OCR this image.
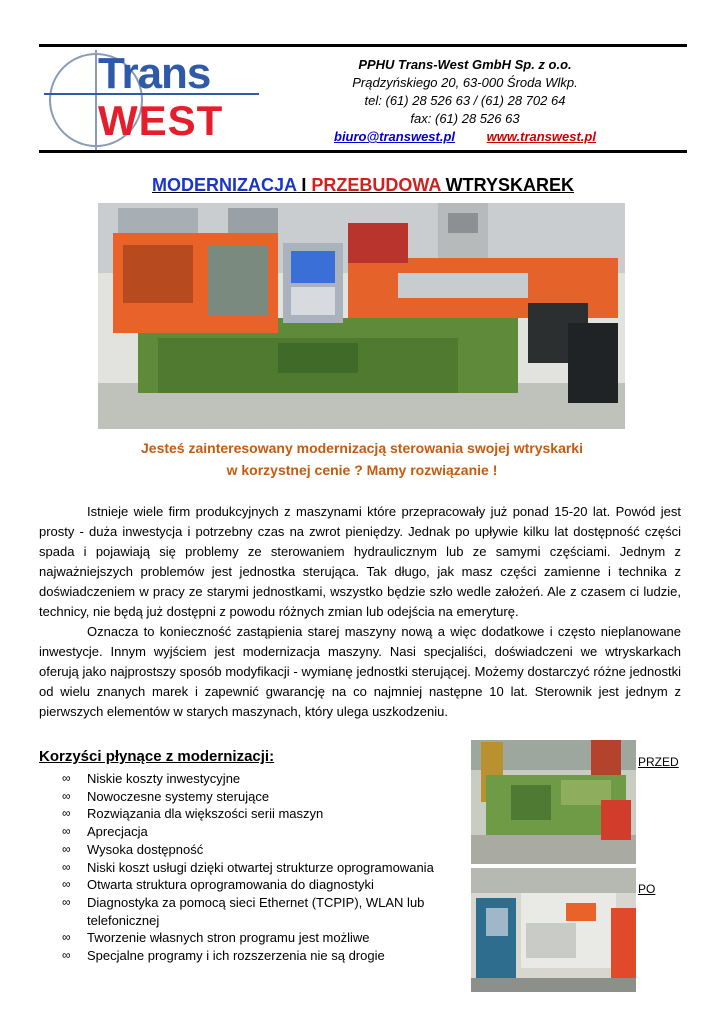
Trans
WEST
PPHU Trans-West GmbH Sp. z o.o.
Prądzyńskiego 20, 63-000 Środa Wlkp.
tel: (61) 28 526 63 / (61) 28 702 64
fax: (61) 28 526 63
biuro@transwest.pl www.transwest.pl
MODERNIZACJA I PRZEBUDOWA WTRYSKAREK
Jesteś zainteresowany modernizacją sterowania swojej wtryskarki
w korzystnej cenie ? Mamy rozwiązanie !

Istnieje wiele firm produkcyjnych z maszynami które przepracowały już ponad 15-20 lat. Powód jest prosty - duża inwestycja i potrzebny czas na zwrot pieniędzy. Jednak po upływie kilku lat dostępność części spada i pojawiają się problemy ze sterowaniem hydraulicznym lub ze samymi częściami. Jednym z najważniejszych problemów jest jednostka sterująca. Tak długo, jak masz części zamienne i technika z doświadczeniem w pracy ze starymi jednostkami, wszystko będzie szło wedle założeń. Ale z czasem ci ludzie, technicy, nie będą już dostępni z powodu różnych zmian lub odejścia na emeryturę.

Oznacza to konieczność zastąpienia starej maszyny nową a więc dodatkowe i często nieplanowane inwestycje. Innym wyjściem jest modernizacja maszyny. Nasi specjaliści, doświadczeni we wtryskarkach oferują jako najprostszy sposób modyfikacji - wymianę jednostki sterującej. Możemy dostarczyć różne jednostki od wielu znanych marek i zapewnić gwarancję na co najmniej następne 10 lat. Sterownik jest jednym z pierwszych elementów w starych maszynach, który ulega uszkodzeniu.

Korzyści płynące z modernizacji:
∞ Niskie koszty inwestycyjne
∞ Nowoczesne systemy sterujące
∞ Rozwiązania dla większości serii maszyn
∞ Aprecjacja
∞ Wysoka dostępność
∞ Niski koszt usługi dzięki otwartej strukturze oprogramowania
∞ Otwarta struktura oprogramowania do diagnostyki
∞ Diagnostyka za pomocą sieci Ethernet (TCPIP), WLAN lub telefonicznej
∞ Tworzenie własnych stron programu jest możliwe
∞ Specjalne programy i ich rozszerzenia nie są drogie
PRZED
PO
